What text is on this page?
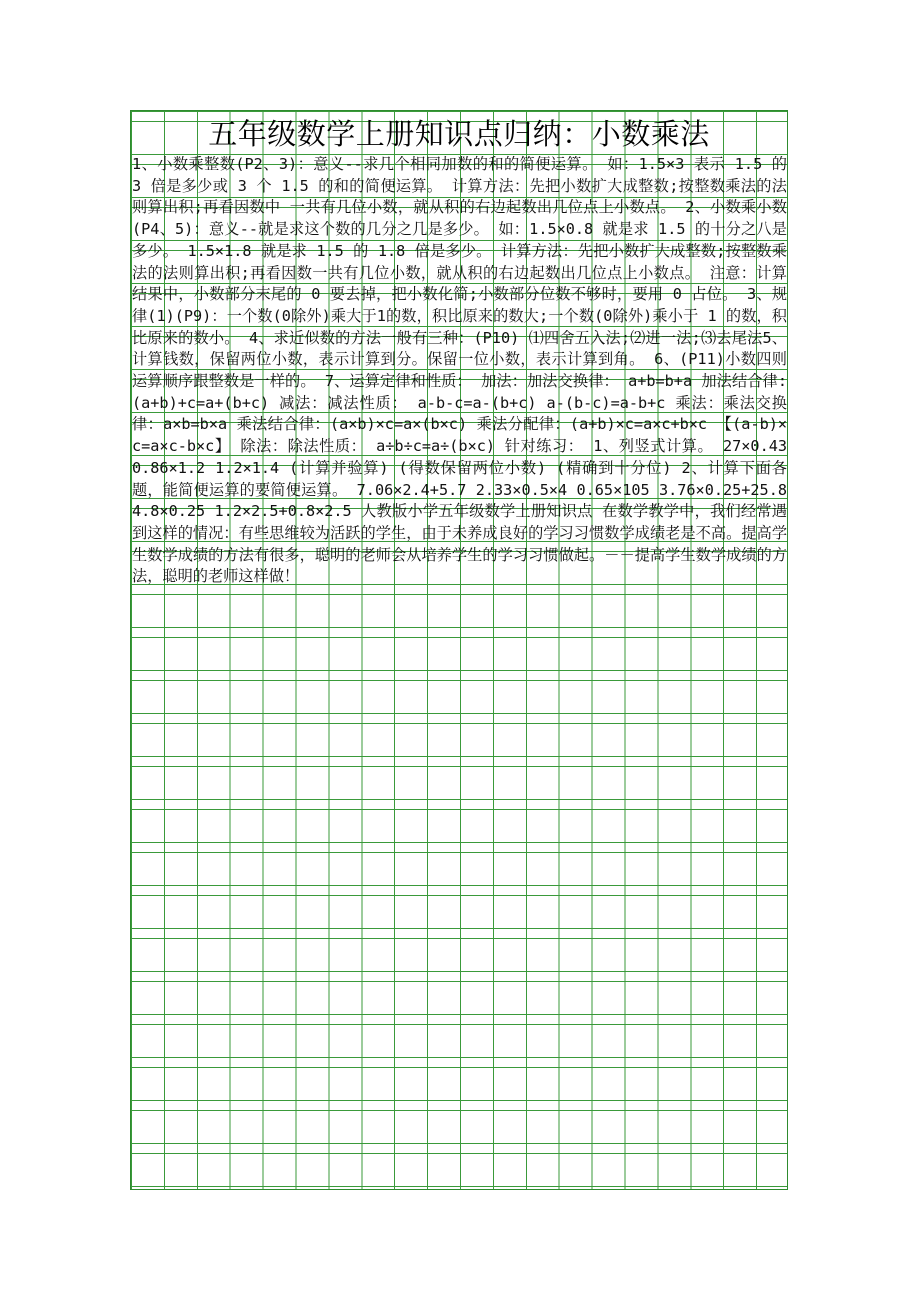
五年级数学上册知识点归纳：小数乘法

1、小数乘整数(P2、3)：意义--求几个相同加数的和的简便运算。 如：1.5×3 表示 1.5 的 3 倍是多少或 3 个 1.5 的和的简便运算。 计算方法：先把小数扩大成整数;按整数乘法的法则算出积;再看因数中 一共有几位小数，就从积的右边起数出几位点上小数点。 2、小数乘小数(P4、5)：意义--就是求这个数的几分之几是多少。 如：1.5×0.8 就是求 1.5 的十分之八是多少。 1.5×1.8 就是求 1.5 的 1.8 倍是多少。 计算方法：先把小数扩大成整数;按整数乘法的法则算出积;再看因数一共有几位小数，就从积的右边起数出几位点上小数点。 注意：计算结果中，小数部分末尾的 0 要去掉，把小数化简;小数部分位数不够时，要用 0 占位。 3、规律(1)(P9)：一个数(0除外)乘大于1的数，积比原来的数大;一个数(0除外)乘小于 1 的数，积比原来的数小。 4、求近似数的方法一般有三种：(P10) ⑴四舍五入法;⑵进一法;⑶去尾法5、计算钱数，保留两位小数，表示计算到分。保留一位小数，表示计算到角。 6、(P11)小数四则运算顺序跟整数是一样的。 7、运算定律和性质： 加法：加法交换律： a+b=b+a 加法结合律:(a+b)+c=a+(b+c) 减法：减法性质： a-b-c=a-(b+c) a-(b-c)=a-b+c 乘法：乘法交换律：a×b=b×a 乘法结合律：(a×b)×c=a×(b×c) 乘法分配律：(a+b)×c=a×c+b×c 【(a-b)×c=a×c-b×c】 除法：除法性质： a÷b÷c=a÷(b×c) 针对练习： 1、列竖式计算。 27×0.43 0.86×1.2 1.2×1.4 (计算并验算) (得数保留两位小数) (精确到十分位) 2、计算下面各题，能简便运算的要简便运算。 7.06×2.4+5.7 2.33×0.5×4 0.65×105 3.76×0.25+25.8 4.8×0.25 1.2×2.5+0.8×2.5 人教版小学五年级数学上册知识点 在数学教学中，我们经常遇到这样的情况：有些思维较为活跃的学生，由于未养成良好的学习习惯数学成绩老是不高。提高学生数学成绩的方法有很多，聪明的老师会从培养学生的学习习惯做起。－－提高学生数学成绩的方法，聪明的老师这样做！
